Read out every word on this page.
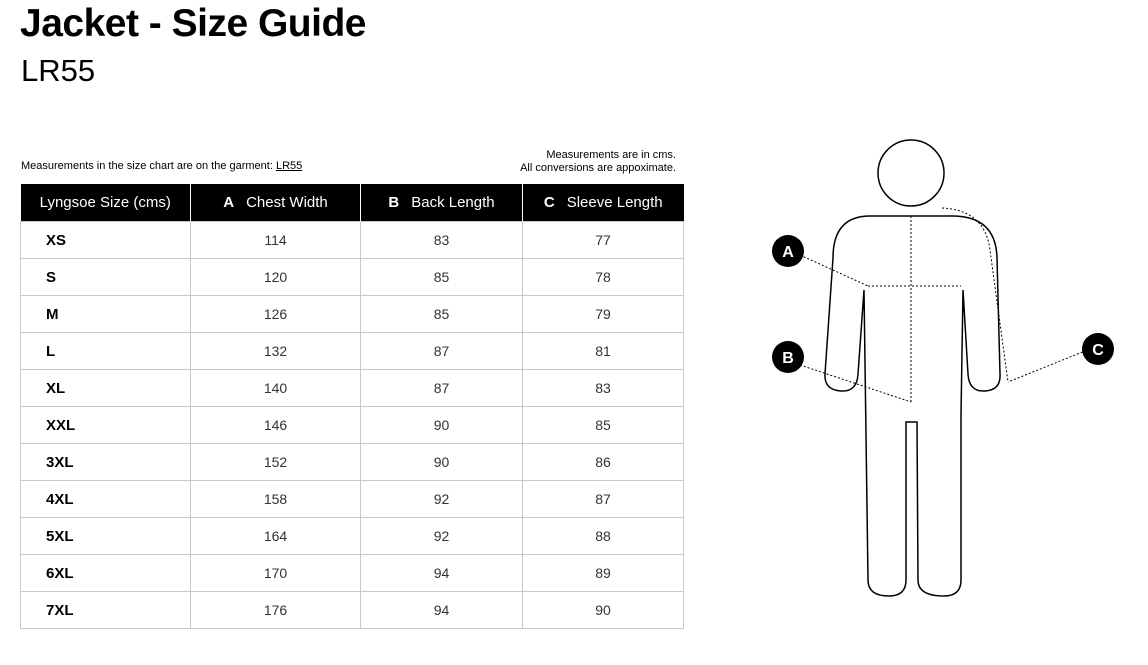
Jacket - Size Guide
LR55
Measurements in the size chart are on the garment: LR55
Measurements are in cms.
All conversions are appoximate.
Lyngsoe Size (cms)	A Chest Width	B Back Length	C Sleeve Length
XS	114	83	77
S	120	85	78
M	126	85	79
L	132	87	81
XL	140	87	83
XXL	146	90	85
3XL	152	90	86
4XL	158	92	87
5XL	164	92	88
6XL	170	94	89
7XL	176	94	90
A
B	C
